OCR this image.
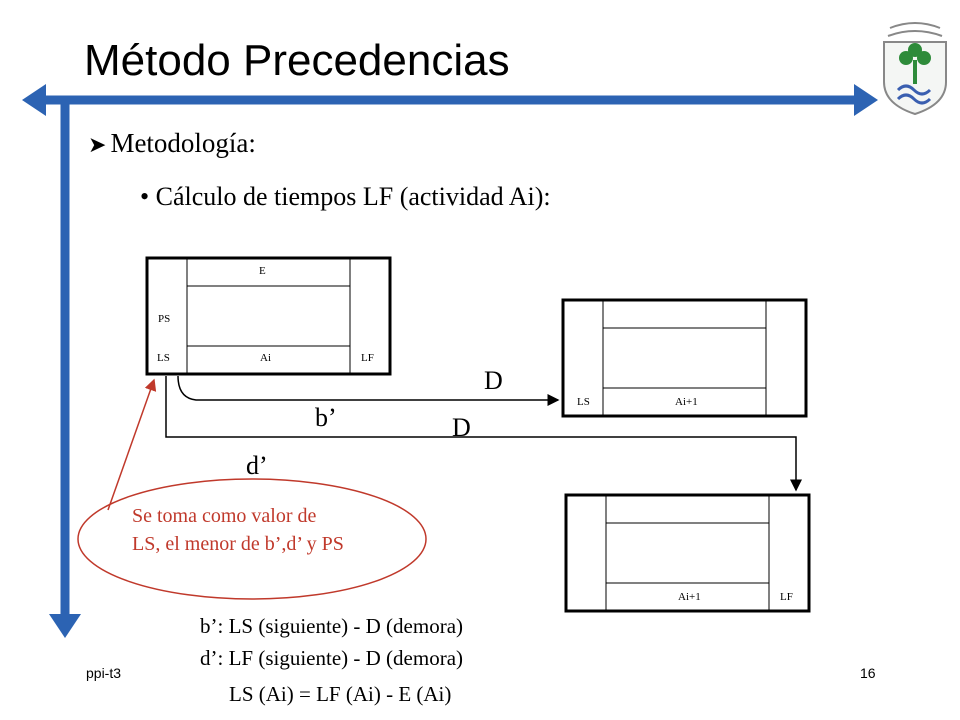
Método Precedencias
➤ Metodología:
• Cálculo de tiempos LF (actividad Ai):
E
PS
LS	Ai	LF
LS	Ai+1
Ai+1	LF
D
b’	D
d’
Se toma como valor de
LS, el menor de b’,d’ y PS
b’: LS (siguiente) - D (demora)
d’: LF (siguiente) - D (demora)
LS (Ai) = LF (Ai) - E (Ai)
ppi-t3	16
